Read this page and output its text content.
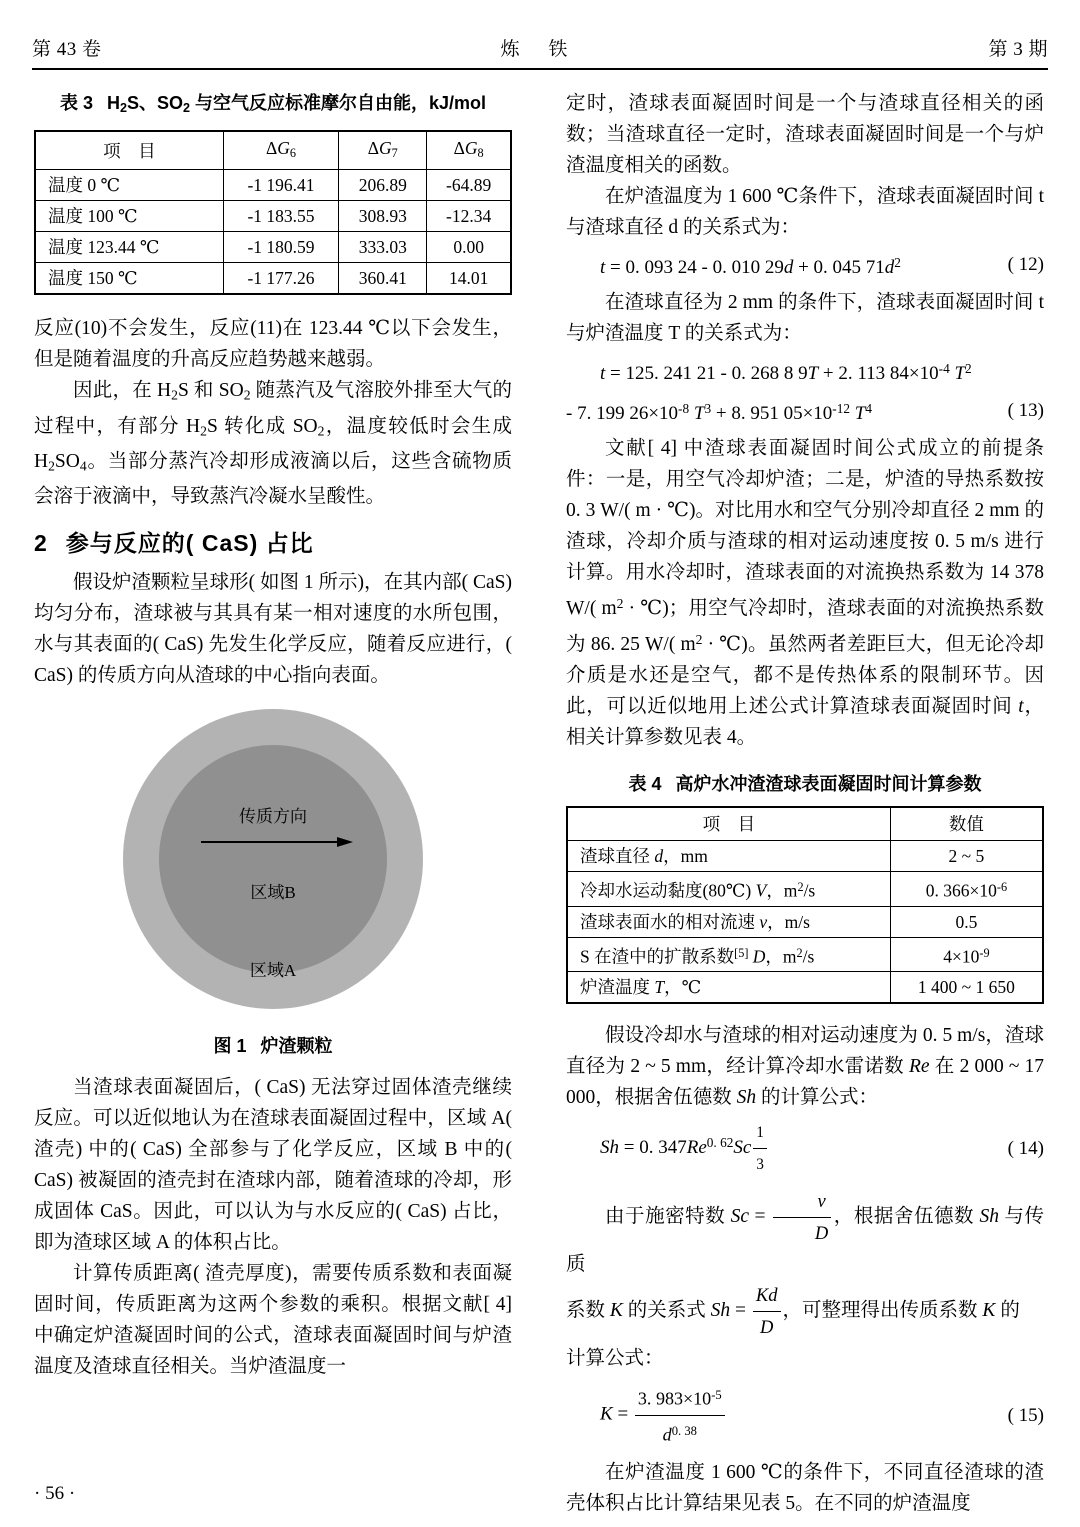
第 43 卷	炼 铁	第 3 期
表 3 $H_2S$、$SO_2$ 与空气反应标准摩尔自由能，kJ/mol
项　目	$\Delta G_6$	$\Delta G_7$	$\Delta G_8$
温度 0 ℃	-1 196.41	206.89	-64.89
温度 100 ℃	-1 183.55	308.93	-12.34
温度 123.44 ℃	-1 180.59	333.03	0.00
温度 150 ℃	-1 177.26	360.41	14.01

反应(10)不会发生，反应(11)在 123.44 ℃以下会发生，但是随着温度的升高反应趋势越来越弱。

因此，在 $H_2S$ 和 $SO_2$ 随蒸汽及气溶胶外排至大气的过程中，有部分 $H_2S$ 转化成 $SO_2$，温度较低时会生成 $H_2SO_4$。当部分蒸汽冷却形成液滴以后，这些含硫物质会溶于液滴中，导致蒸汽冷凝水呈酸性。

2 参与反应的( CaS) 占比

假设炉渣颗粒呈球形( 如图 1 所示)，在其内部( CaS) 均匀分布，渣球被与其具有某一相对速度的水所包围，水与其表面的( CaS) 先发生化学反应，随着反应进行，( CaS) 的传质方向从渣球的中心指向表面。

传质方向
区域B
区域A
图 1 炉渣颗粒

当渣球表面凝固后，( CaS) 无法穿过固体渣壳继续反应。可以近似地认为在渣球表面凝固过程中，区域 A( 渣壳) 中的( CaS) 全部参与了化学反应，区域 B 中的( CaS) 被凝固的渣壳封在渣球内部，随着渣球的冷却，形成固体 CaS。因此，可以认为与水反应的( CaS) 占比，即为渣球区域 A 的体积占比。

计算传质距离( 渣壳厚度)，需要传质系数和表面凝固时间，传质距离为这两个参数的乘积。根据文献[ 4] 中确定炉渣凝固时间的公式，渣球表面凝固时间与炉渣温度及渣球直径相关。当炉渣温度一

定时，渣球表面凝固时间是一个与渣球直径相关的函数；当渣球直径一定时，渣球表面凝固时间是一个与炉渣温度相关的函数。

在炉渣温度为 1 600 ℃条件下，渣球表面凝固时间 t 与渣球直径 d 的关系式为：

t = 0. 093 24 - 0. 010 29d + 0. 045 $71d^2$	( 12)

在渣球直径为 2 mm 的条件下，渣球表面凝固时间 t 与炉渣温度 T 的关系式为：

t = 125. 241 21 - 0. 268 8 9T + 2. 113 $84\times 10^{-4}$ $T^2$
- 7. 199 $26\times 10^{-8}$ $T^3 + 8$. 951 $05\times 10^{-12}$ $T^4$	( 13)

文献[ 4] 中渣球表面凝固时间公式成立的前提条件：一是，用空气冷却炉渣；二是，炉渣的导热系数按 0. 3 W/( m · ℃)。对比用水和空气分别冷却直径 2 mm 的渣球，冷却介质与渣球的相对运动速度按 0. 5 m/s 进行计算。用水冷却时，渣球表面的对流换热系数为 14 378 W/( $m^2$ · ℃)；用空气冷却时，渣球表面的对流换热系数为 86. 25 W/( $m^2$ · ℃)。虽然两者差距巨大，但无论冷却介质是水还是空气，都不是传热体系的限制环节。因此，可以近似地用上述公式计算渣球表面凝固时间 t，相关计算参数见表 4。

表 4 高炉水冲渣渣球表面凝固时间计算参数
项　目	数值
渣球直径 d，mm	2 ~ 5
冷却水运动黏度(80℃) V，$m^2/s$	0. $366\times 10^{-6}$
渣球表面水的相对流速 ν，m/s	0.5
S 在渣中的扩散系数[5] D，$m^2/s$	$4\times 10^{-9}$
炉渣温度 T，℃	1 400 ~ 1 650

假设冷却水与渣球的相对运动速度为 0. 5 m/s，渣球直径为 2 ~ 5 mm，经计算冷却水雷诺数 Re 在 2 000 ~ 17 000，根据舍伍德数 Sh 的计算公式：

Sh = 0. $347Re^{0. 62}Sc \frac{1}{3}$	( 14)

由于施密特数 $Sc = \frac{\nu}{D}$ ，根据舍伍德数 Sh 与传质

系数 K 的关系式 $Sh = \frac{Kd}{D}$ ，可整理得出传质系数 K 的

计算公式：

$K = \frac{3. 983\times 10^{-5}}{d^{0. 38}}$	( 15)

在炉渣温度 1 600 ℃的条件下，不同直径渣球的渣壳体积占比计算结果见表 5。在不同的炉渣温度

· 56 ·
